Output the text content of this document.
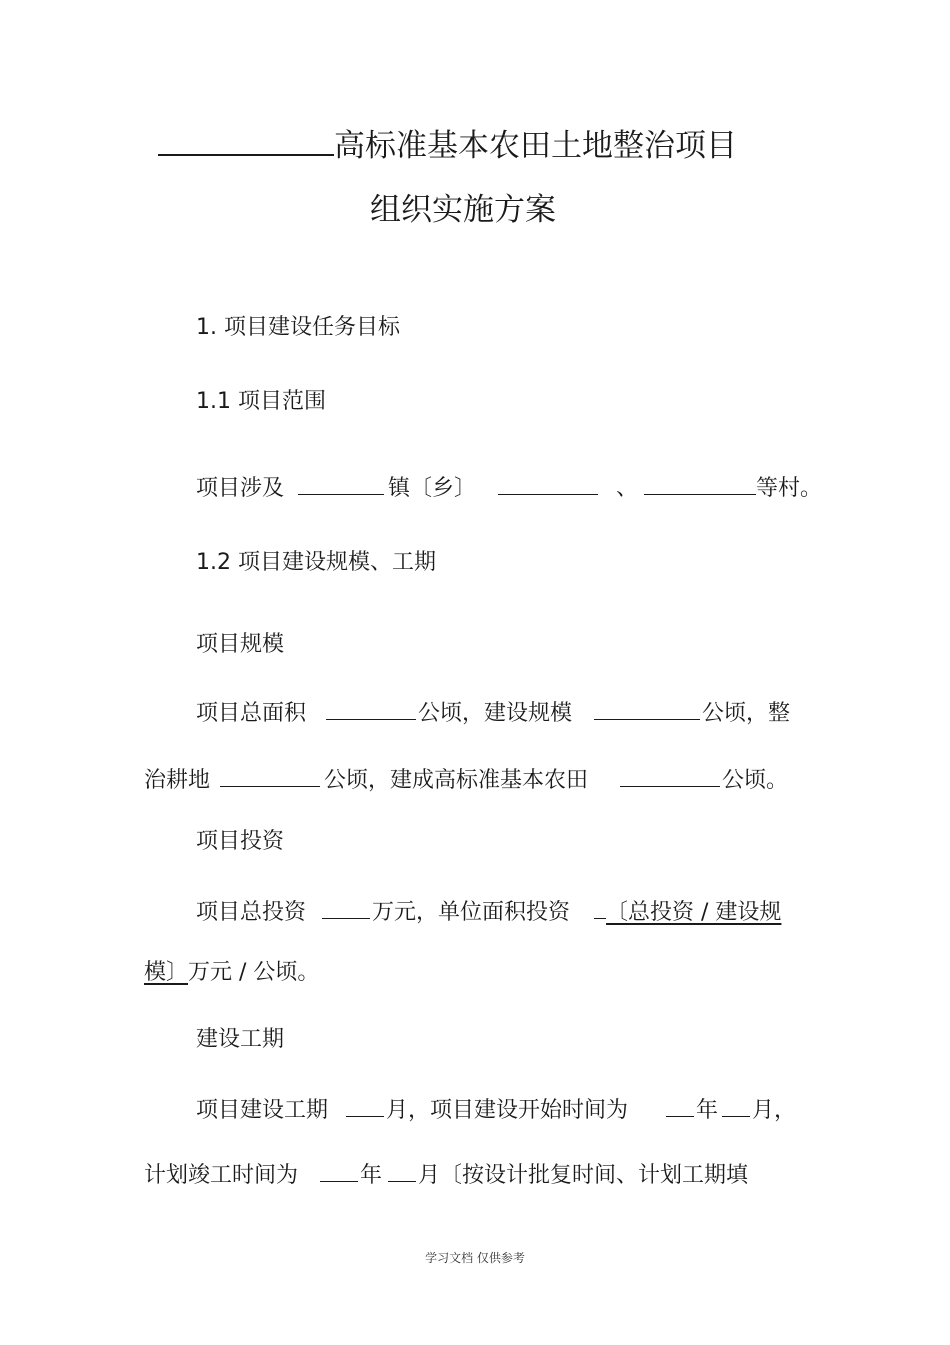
高标准基本农田土地整治项目
组织实施方案
1. 项目建设任务目标
1.1 项目范围
项目涉及	镇〔乡〕	、	等村。
1.2 项目建设规模、工期
项目规模
项目总面积	公顷，建设规模	公顷，整
治耕地	公顷，建成高标准基本农田	公顷。
项目投资
项目总投资	万元，单位面积投资 〔总投资 / 建设规
模〕万元 / 公顷。
建设工期
项目建设工期	月，项目建设开始时间为	年 月，
计划竣工时间为	年 月〔按设计批复时间、计划工期填
学习文档 仅供参考
